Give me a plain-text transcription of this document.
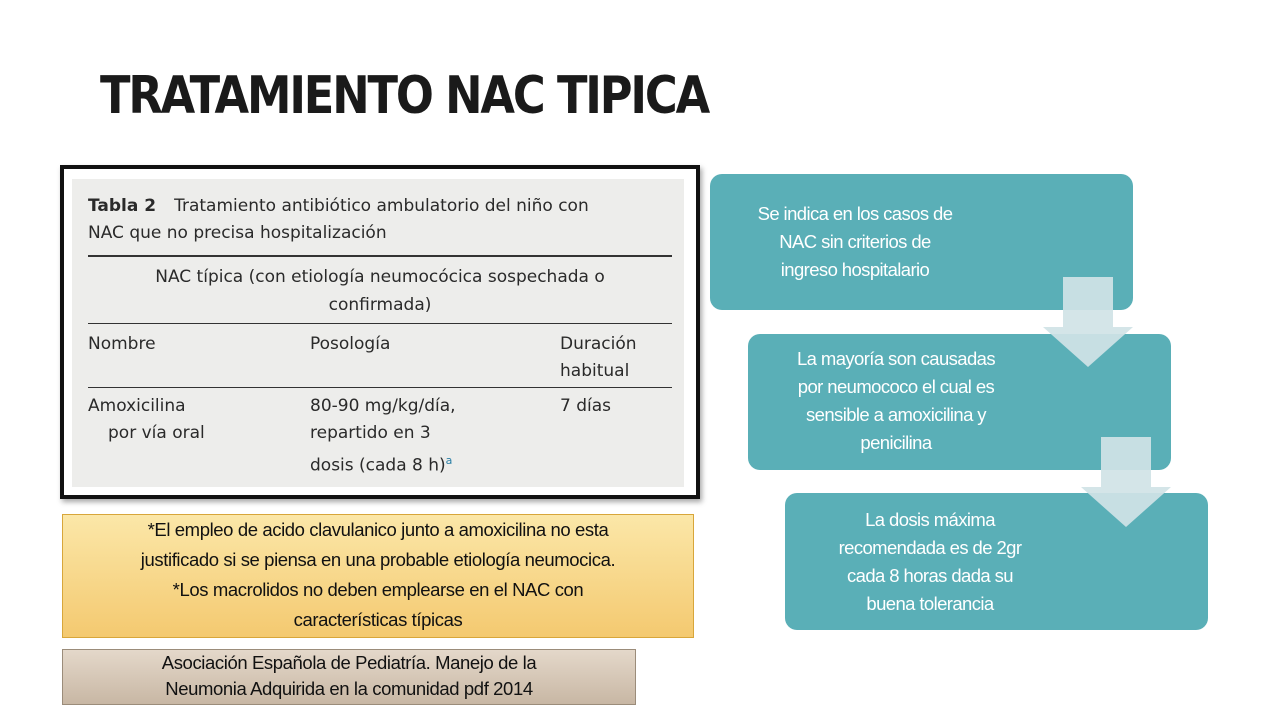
TRATAMIENTO NAC TIPICA
Tabla 2 Tratamiento antibiótico ambulatorio del niño con
NAC que no precisa hospitalización
NAC típica (con etiología neumocócica sospechada o
confirmada)
Nombre	Posología	Duración
habitual
Amoxicilina
por vía oral
80-90 mg/kg/día,
repartido en 3
dosis (cada 8 h)$^a$
7 días
*El empleo de acido clavulanico junto a amoxicilina no esta
justificado si se piensa en una probable etiología neumocica.
*Los macrolidos no deben emplearse en el NAC con
características típicas
Asociación Española de Pediatría. Manejo de la
Neumonia Adquirida en la comunidad pdf 2014
Se indica en los casos de
NAC sin criterios de
ingreso hospitalario
La mayoría son causadas
por neumococo el cual es
sensible a amoxicilina y
penicilina
La dosis máxima
recomendada es de 2gr
cada 8 horas dada su
buena tolerancia
